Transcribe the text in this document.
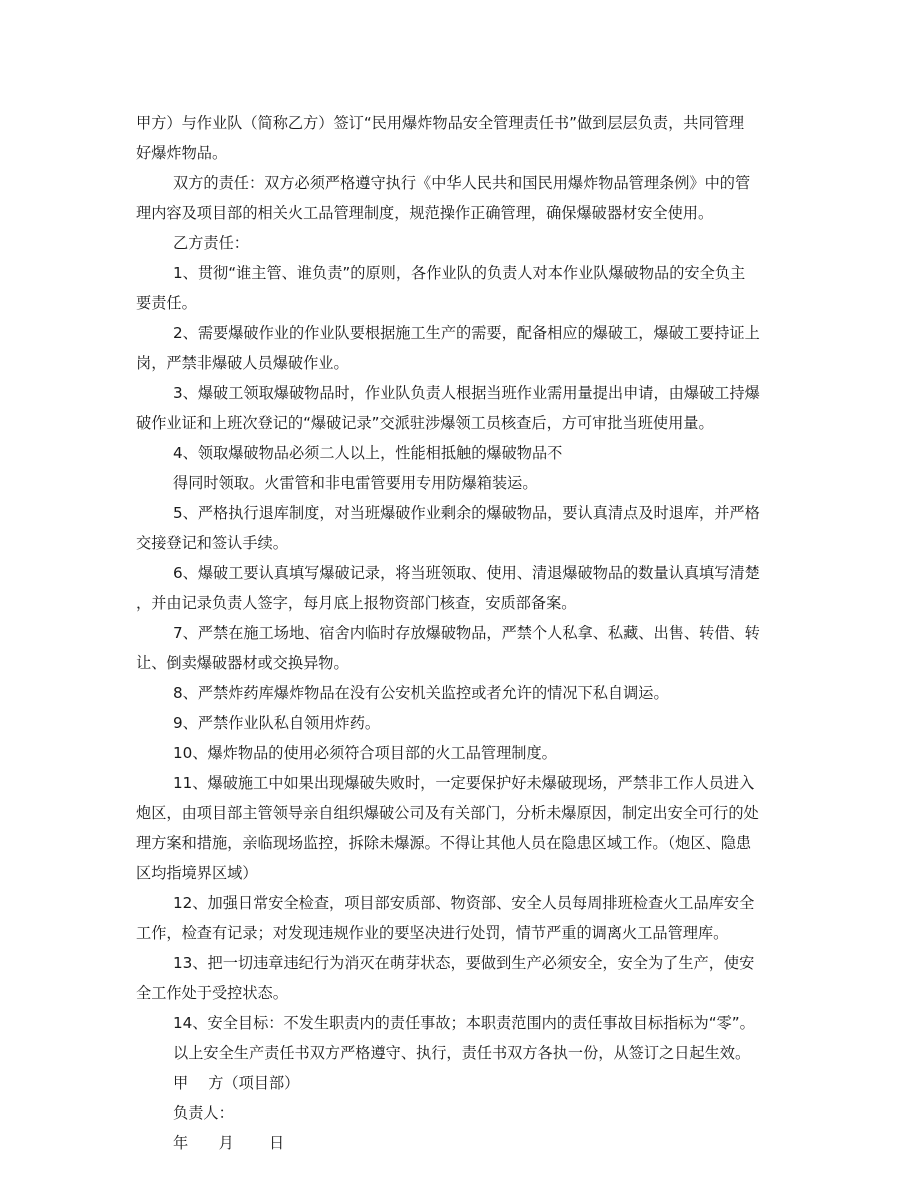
甲方）与作业队（简称乙方）签订“民用爆炸物品安全管理责任书”做到层层负责，共同管理
好爆炸物品。
双方的责任：双方必须严格遵守执行《中华人民共和国民用爆炸物品管理条例》中的管
理内容及项目部的相关火工品管理制度，规范操作正确管理，确保爆破器材安全使用。
乙方责任：
1、贯彻“谁主管、谁负责”的原则，各作业队的负责人对本作业队爆破物品的安全负主
要责任。
2、需要爆破作业的作业队要根据施工生产的需要，配备相应的爆破工，爆破工要持证上
岗，严禁非爆破人员爆破作业。
3、爆破工领取爆破物品时，作业队负责人根据当班作业需用量提出申请，由爆破工持爆
破作业证和上班次登记的“爆破记录”交派驻涉爆领工员核查后，方可审批当班使用量。
4、领取爆破物品必须二人以上，性能相抵触的爆破物品不
得同时领取。火雷管和非电雷管要用专用防爆箱装运。
5、严格执行退库制度，对当班爆破作业剩余的爆破物品，要认真清点及时退库，并严格
交接登记和签认手续。
6、爆破工要认真填写爆破记录，将当班领取、使用、清退爆破物品的数量认真填写清楚
，并由记录负责人签字，每月底上报物资部门核查，安质部备案。
7、严禁在施工场地、宿舍内临时存放爆破物品，严禁个人私拿、私藏、出售、转借、转
让、倒卖爆破器材或交换异物。
8、严禁炸药库爆炸物品在没有公安机关监控或者允许的情况下私自调运。
9、严禁作业队私自领用炸药。
10、爆炸物品的使用必须符合项目部的火工品管理制度。
11、爆破施工中如果出现爆破失败时，一定要保护好未爆破现场，严禁非工作人员进入
炮区，由项目部主管领导亲自组织爆破公司及有关部门，分析未爆原因，制定出安全可行的处
理方案和措施，亲临现场监控，拆除未爆源。不得让其他人员在隐患区域工作。（炮区、隐患
区均指境界区域）
12、加强日常安全检查，项目部安质部、物资部、安全人员每周排班检查火工品库安全
工作，检查有记录；对发现违规作业的要坚决进行处罚，情节严重的调离火工品管理库。
13、把一切违章违纪行为消灭在萌芽状态，要做到生产必须安全，安全为了生产，使安
全工作处于受控状态。
14、安全目标：不发生职责内的责任事故；本职责范围内的责任事故目标指标为“零”。
以上安全生产责任书双方严格遵守、执行，责任书双方各执一份，从签订之日起生效。
甲　 方（项目部）
负责人：
年　　月　　 日
